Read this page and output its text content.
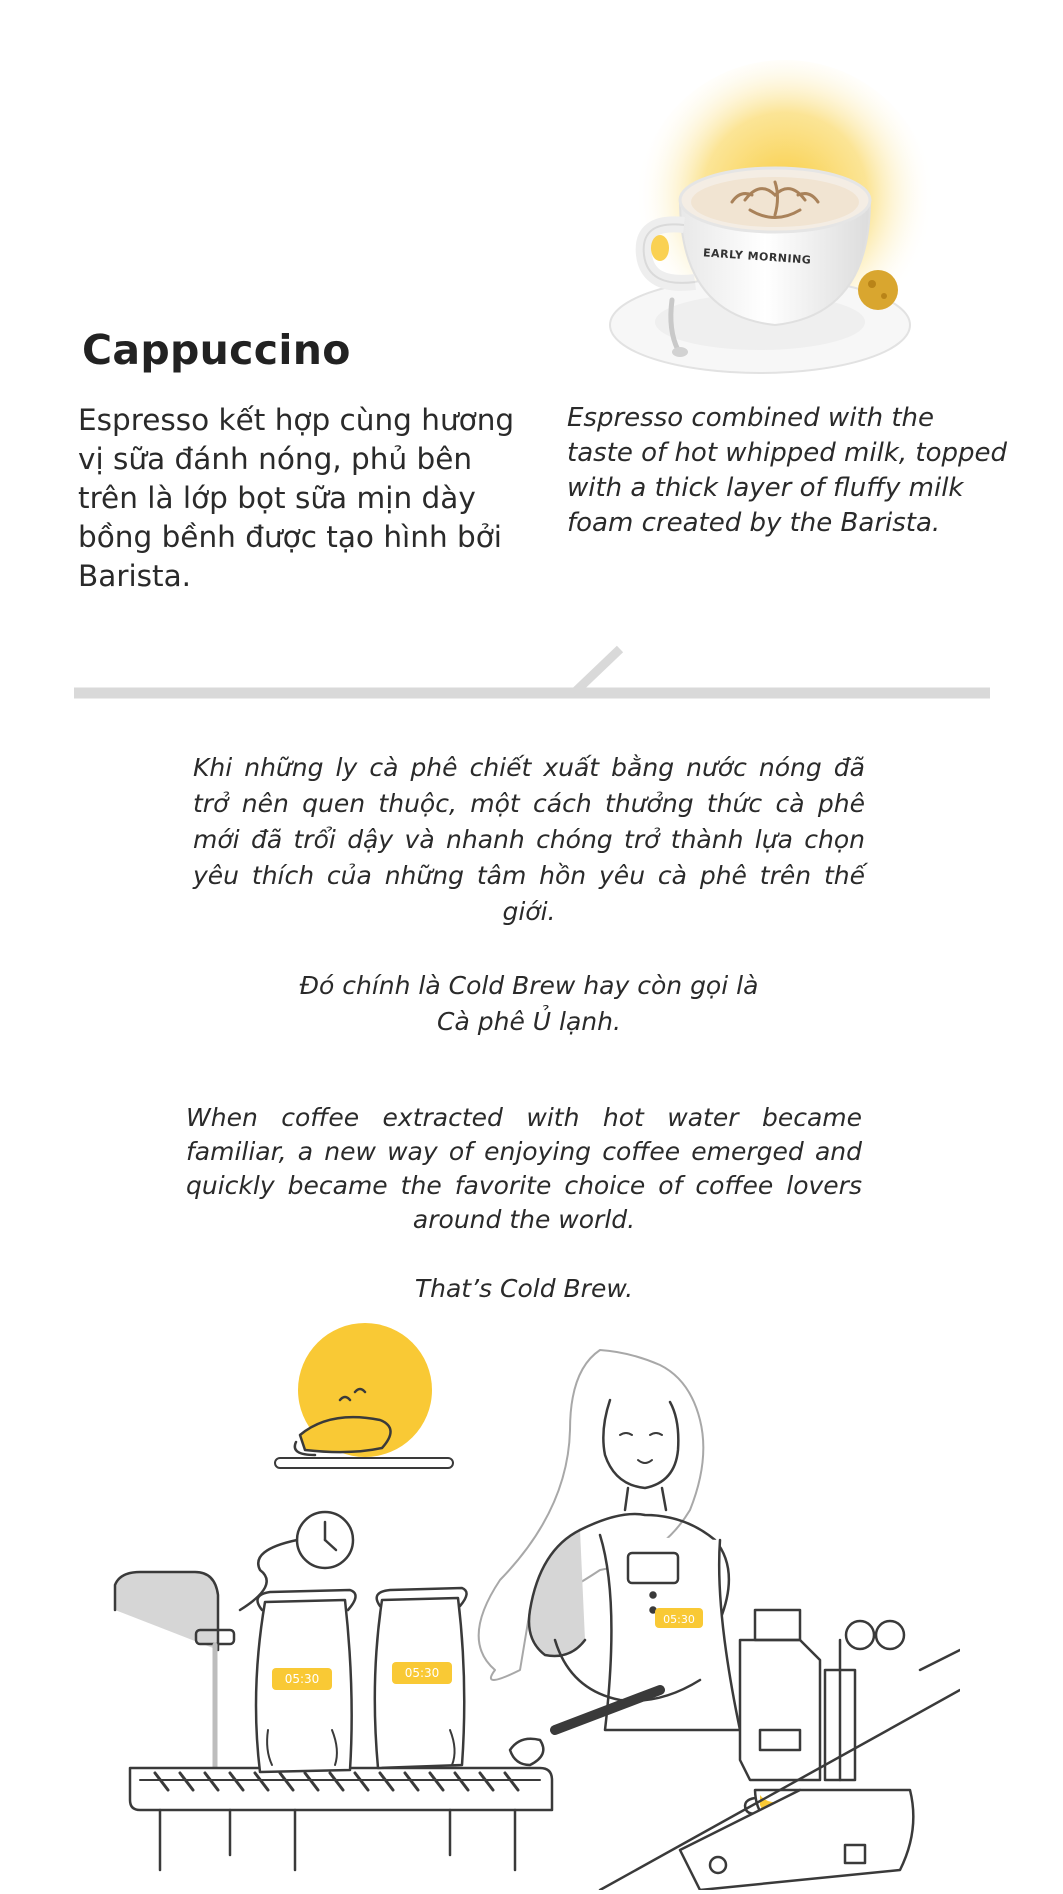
EARLY MORNING
Cappuccino

Espresso kết hợp cùng hương vị sữa đánh nóng, phủ bên trên là lớp bọt sữa mịn dày bồng bềnh được tạo hình bởi Barista.

Espresso combined with the taste of hot whipped milk, topped with a thick layer of fluffy milk foam created by the Barista.

Khi những ly cà phê chiết xuất bằng nước nóng đã trở nên quen thuộc, một cách thưởng thức cà phê mới đã trổi dậy và nhanh chóng trở thành lựa chọn yêu thích của những tâm hồn yêu cà phê trên thế giới.

Đó chính là Cold Brew hay còn gọi là
Cà phê Ủ lạnh.

When coffee extracted with hot water became familiar, a new way of enjoying coffee emerged and quickly became the favorite choice of coffee lovers around the world.

That’s Cold Brew.

05:30	05:30
05:30
